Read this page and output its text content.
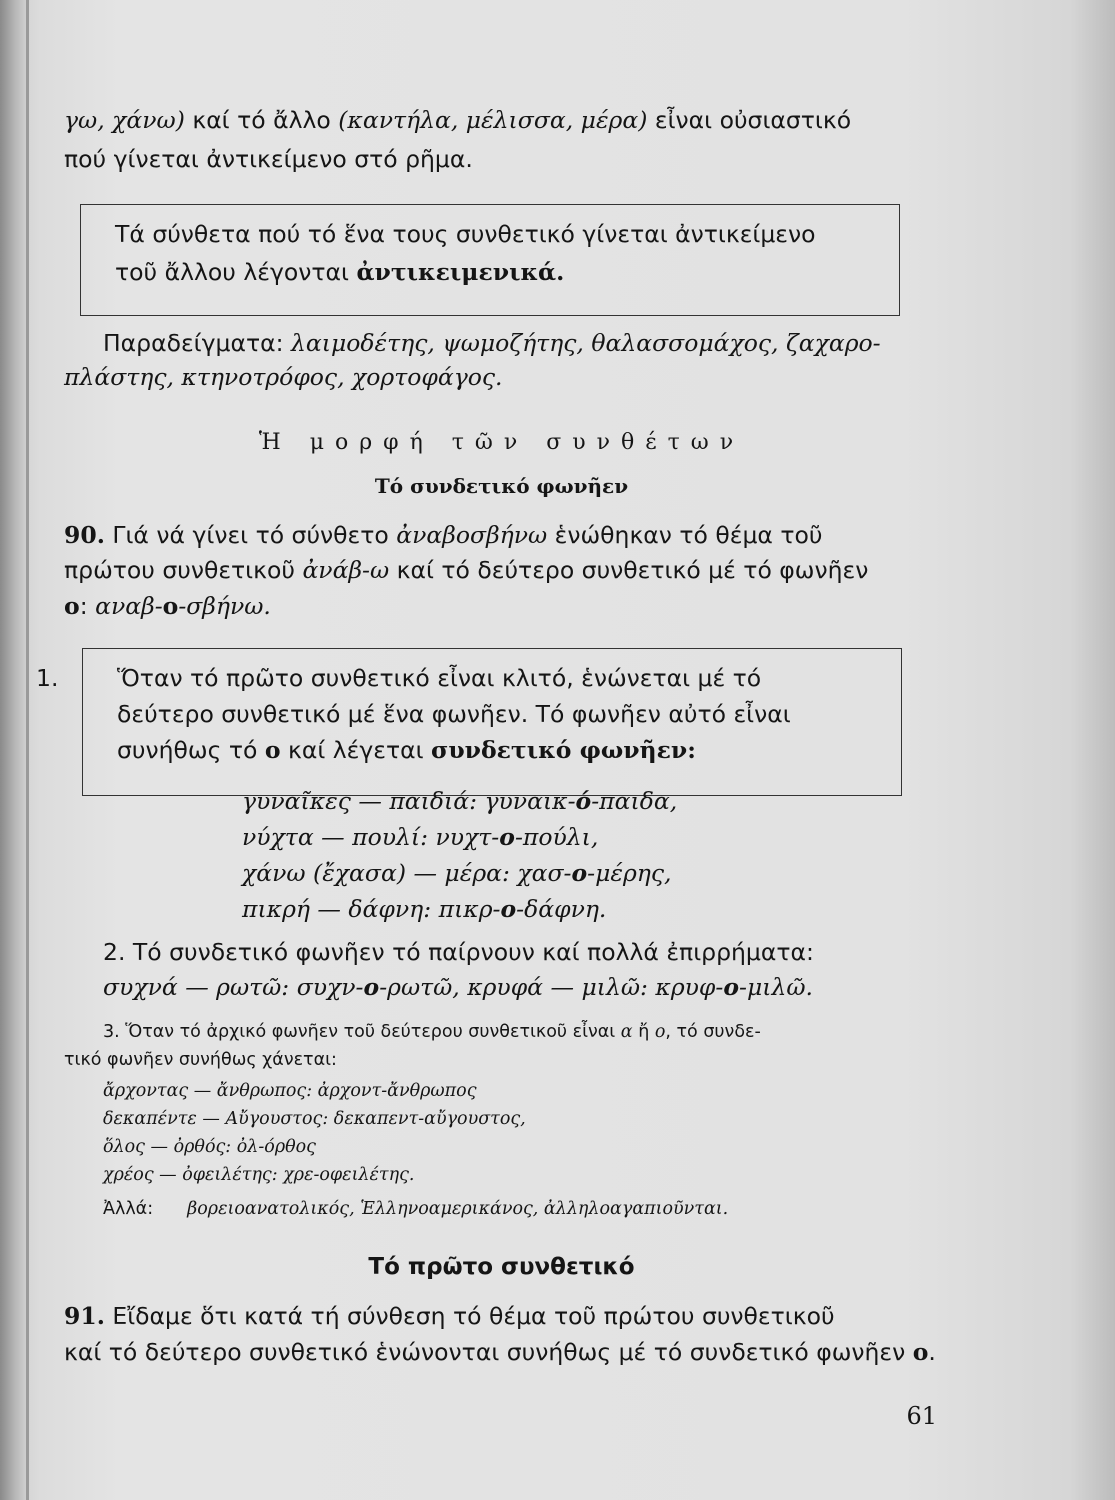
γω, χάνω) καί τό ἄλλο (καντήλα, μέλισσα, μέρα) εἶναι οὐσιαστικό
πού γίνεται ἀντικείμενο στό ρῆμα.
Τά σύνθετα πού τό ἕνα τους συνθετικό γίνεται ἀντικείμενο
τοῦ ἄλλου λέγονται ἀντικειμενικά.
Παραδείγματα: λαιμοδέτης, ψωμοζήτης, θαλασσομάχος, ζαχαρο-
πλάστης, κτηνοτρόφος, χορτοφάγος.
Ἡ μορφή τῶν συνθέτων
Τό συνδετικό φωνῆεν
90. Γιά νά γίνει τό σύνθετο ἀναβοσβήνω ἑνώθηκαν τό θέμα τοῦ
πρώτου συνθετικοῦ ἀνάβ-ω καί τό δεύτερο συνθετικό μέ τό φωνῆεν
ο: αναβ-ο-σβήνω.
1.	Ὅταν τό πρῶτο συνθετικό εἶναι κλιτό, ἑνώνεται μέ τό
δεύτερο συνθετικό μέ ἕνα φωνῆεν. Τό φωνῆεν αὐτό εἶναι
συνήθως τό ο καί λέγεται συνδετικό φωνῆεν:
γυναῖκες — παιδιά: γυναικ-ό-παιδα,
νύχτα — πουλί: νυχτ-ο-πούλι,
χάνω (ἔχασα) — μέρα: χασ-ο-μέρης,
πικρή — δάφνη: πικρ-ο-δάφνη.
2. Τό συνδετικό φωνῆεν τό παίρνουν καί πολλά ἐπιρρήματα:
συχνά — ρωτῶ: συχν-ο-ρωτῶ, κρυφά — μιλῶ: κρυφ-ο-μιλῶ.
3. Ὅταν τό ἀρχικό φωνῆεν τοῦ δεύτερου συνθετικοῦ εἶναι α ἤ ο, τό συνδε-
τικό φωνῆεν συνήθως χάνεται:
ἄρχοντας — ἄνθρωπος: ἀρχοντ-ἄνθρωπος
δεκαπέντε — Αὔγουστος: δεκαπεντ-αὔγουστος,
ὅλος — ὀρθός: ὀλ-όρθος
χρέος — ὀφειλέτης: χρε-οφειλέτης.
Ἀλλά: βορειοανατολικός, Ἑλληνοαμερικάνος, ἀλληλοαγαπιοῦνται.
Τό πρῶτο συνθετικό
91. Εἴδαμε ὅτι κατά τή σύνθεση τό θέμα τοῦ πρώτου συνθετικοῦ
καί τό δεύτερο συνθετικό ἑνώνονται συνήθως μέ τό συνδετικό φωνῆεν ο.
61
